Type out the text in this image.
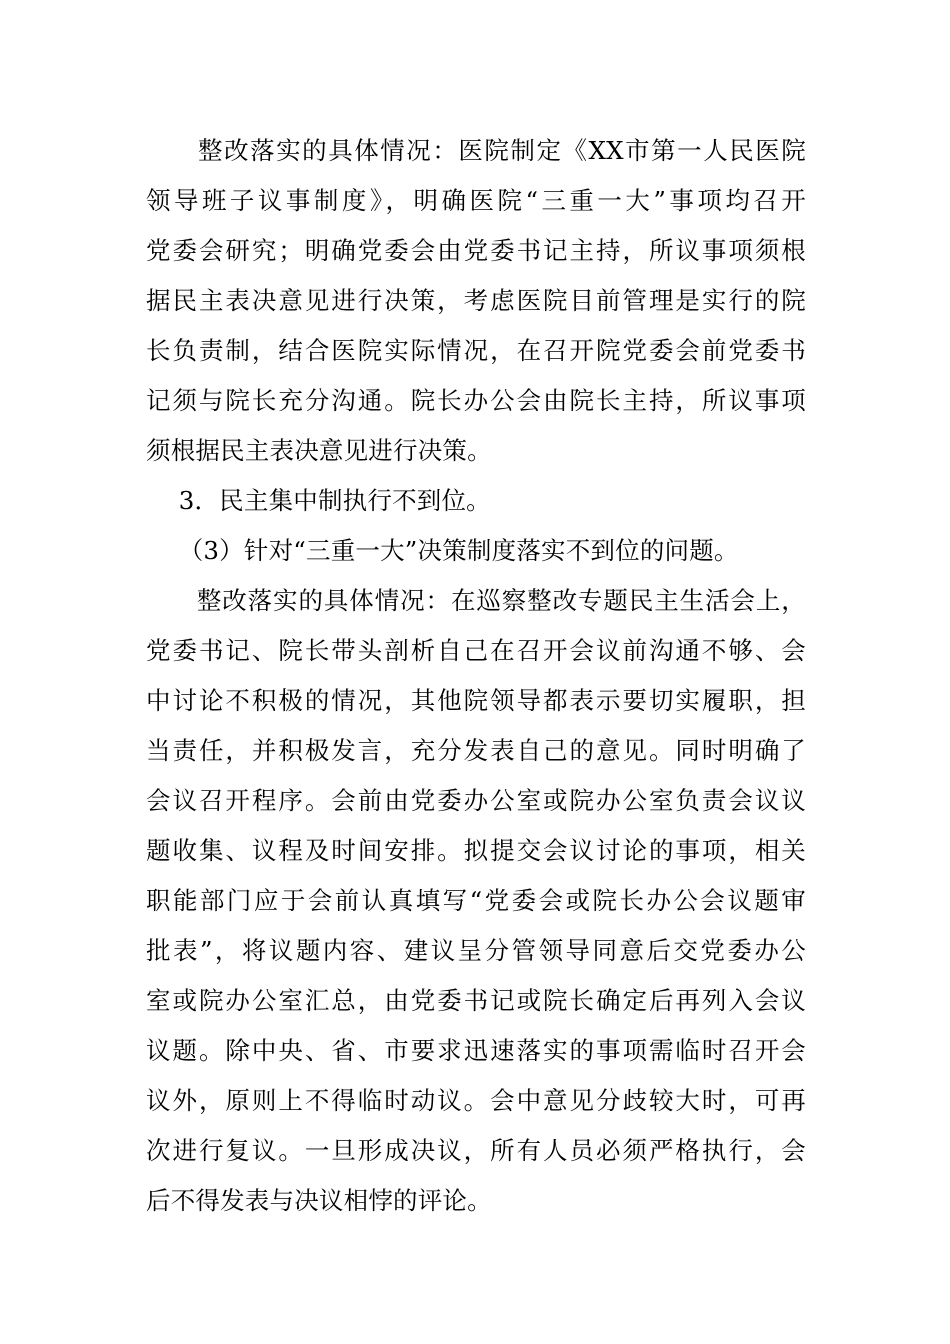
　　整改落实的具体情况：医院制定《XX市第一人民医院
领导班子议事制度》，明确医院“三重一大”事项均召开
党委会研究；明确党委会由党委书记主持，所议事项须根
据民主表决意见进行决策，考虑医院目前管理是实行的院
长负责制，结合医院实际情况，在召开院党委会前党委书
记须与院长充分沟通。院长办公会由院长主持，所议事项
须根据民主表决意见进行决策。
　 3．民主集中制执行不到位。
　 （3）针对“三重一大”决策制度落实不到位的问题。
　　整改落实的具体情况：在巡察整改专题民主生活会上，
党委书记、院长带头剖析自己在召开会议前沟通不够、会
中讨论不积极的情况，其他院领导都表示要切实履职，担
当责任，并积极发言，充分发表自己的意见。同时明确了
会议召开程序。会前由党委办公室或院办公室负责会议议
题收集、议程及时间安排。拟提交会议讨论的事项，相关
职能部门应于会前认真填写“党委会或院长办公会议题审
批表”，将议题内容、建议呈分管领导同意后交党委办公
室或院办公室汇总，由党委书记或院长确定后再列入会议
议题。除中央、省、市要求迅速落实的事项需临时召开会
议外，原则上不得临时动议。会中意见分歧较大时，可再
次进行复议。一旦形成决议，所有人员必须严格执行，会
后不得发表与决议相悖的评论。
